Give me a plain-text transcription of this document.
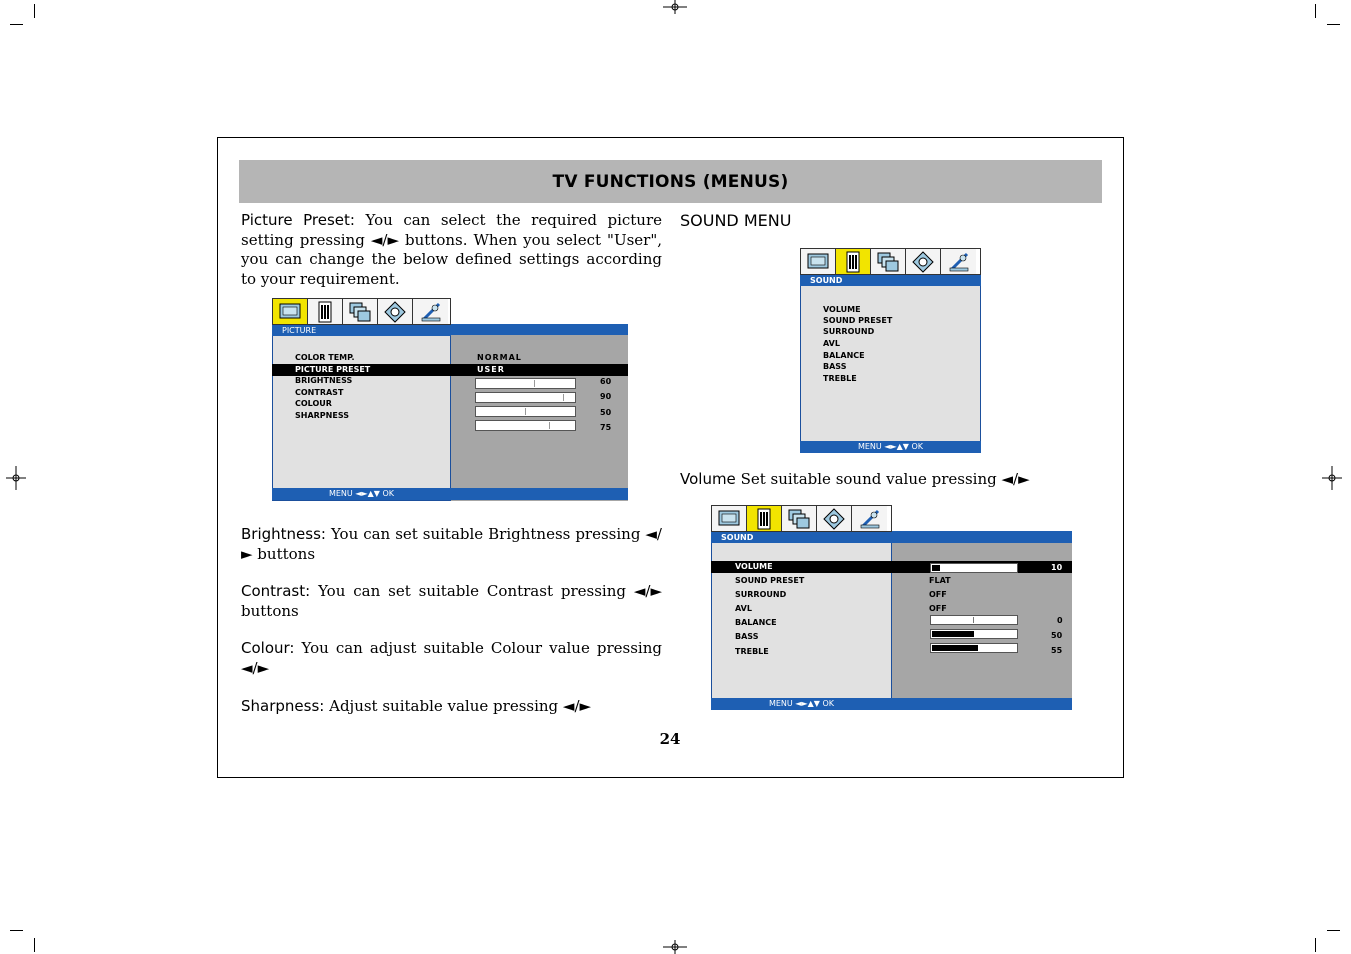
TV FUNCTIONS (MENUS)
Picture Preset: You can select the required picture setting pressing ◄/► buttons. When you select "User", you can change the below defined settings according to your requirement.
Brightness: You can set suitable Brightness pressing ◄/► buttons
Contrast: You can set suitable Contrast pressing ◄/► buttons
Colour: You can adjust suitable Colour value pressing ◄/►
Sharpness: Adjust suitable value pressing ◄/►
SOUND MENU
Volume Set suitable sound value pressing ◄/►
24
PICTURE
COLOR TEMP.
PICTURE PRESET
BRIGHTNESS
CONTRAST
COLOUR
SHARPNESS
NORMAL
USER
60
90
50
75
MENU ◄►▲▼ OK
SOUND
VOLUME
SOUND PRESET
SURROUND
AVL
BALANCE
BASS
TREBLE
MENU ◄►▲▼ OK
SOUND
VOLUME
SOUND PRESET
SURROUND
AVL
BALANCE
BASS
TREBLE
10
FLAT
OFF
OFF
0
50
55
MENU ◄►▲▼ OK
